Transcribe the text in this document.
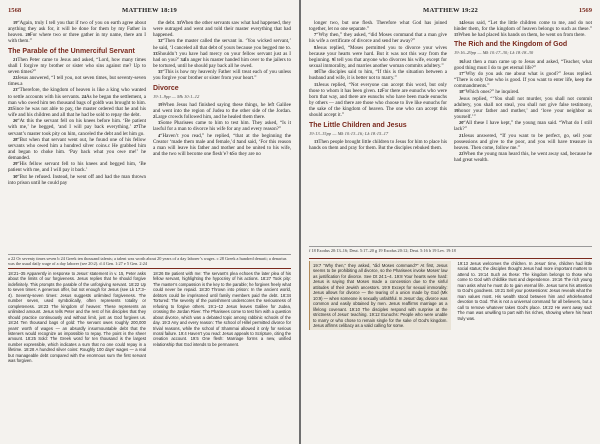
1568	MATTHEW 18:19

19“Again, truly I tell you that if two of you on earth agree about anything they ask for, it will be done for them by my Father in heaven. 20For where two or three gather in my name, there am I with them.”

The Parable of the Unmerciful Servant

21Then Peter came to Jesus and asked, “Lord, how many times shall I forgive my brother or sister who sins against me? Up to seven times?”

22Jesus answered, “I tell you, not seven times, but seventy-seven times.a

23“Therefore, the kingdom of heaven is like a king who wanted to settle accounts with his servants. 24As he began the settlement, a man who owed him ten thousand bags of goldb was brought to him. 25Since he was not able to pay, the master ordered that he and his wife and his children and all that he had be sold to repay the debt.

26“At this the servant fell on his knees before him. ‘Be patient with me,’ he begged, ‘and I will pay back everything.’ 27The servant’s master took pity on him, canceled the debt and let him go.

28“But when that servant went out, he found one of his fellow servants who owed him a hundred silver coins.c He grabbed him and began to choke him. ‘Pay back what you owe me!’ he demanded.

29“His fellow servant fell to his knees and begged him, ‘Be patient with me, and I will pay it back.’

30“But he refused. Instead, he went off and had the man thrown into prison until he could pay

the debt. 31When the other servants saw what had happened, they were outraged and went and told their master everything that had happened.

32“Then the master called the servant in. ‘You wicked servant,’ he said, ‘I canceled all that debt of yours because you begged me to. 33Shouldn’t you have had mercy on your fellow servant just as I had on you?’ 34In anger his master handed him over to the jailers to be tortured, until he should pay back all he owed.

35“This is how my heavenly Father will treat each of you unless you forgive your brother or sister from your heart.”

Divorce
19:1–9pp — Mk 10:1–12

19When Jesus had finished saying these things, he left Galilee and went into the region of Judea to the other side of the Jordan. 2Large crowds followed him, and he healed them there.

3Some Pharisees came to him to test him. They asked, “Is it lawful for a man to divorce his wife for any and every reason?”

4“Haven’t you read,” he replied, “that at the beginning the Creator ‘made them male and female,’d 5and said, ‘For this reason a man will leave his father and mother and be united to his wife, and the two will become one flesh’e? 6So they are no

a 22 Or seventy times seven b 24 Greek ten thousand talents; a talent was worth about 20 years of a day laborer’s wages. c 28 Greek a hundred denarii; a denarius was the usual daily wage of a day laborer (see 20:2). d 4 Gen. 1:27 e 5 Gen. 2:24
18:21–35 Apparently in response to Jesus’ statement in v. 15, Peter asks about the limits of our forgiveness. Jesus replies that he should forgive indefinitely. This prompts the parable of the unforgiving servant. 18:22 Up to seven times: A generous offer, but not enough for Jesus (see Lk 17:3–4). Seventy-seven times: Jesus suggests unlimited forgiveness. The number seven, used symbolically, often represents totality or completeness. 18:23 The kingdom of heaven: These represents an unlimited amount. Jesus tells Peter and the rest of his disciples that they should practice continuously and without limit, just as God forgives us. 18:24 Ten thousand bags of gold: The servant owes roughly 200,000 years’ worth of wages — an absurdly insurmountable debt that the listeners would recognize as impossible to repay. The point is the sheer amount. 18:25 Sold: The Greek word for ten thousand is the largest number expressible, which indicates a sum that no one could repay in a lifetime. 18:28 A hundred silver coins: Roughly 100 days’ wages — a real but manageable debt compared with the enormous sum the first servant was forgiven.
18:26 Be patient with me: The servant’s plea echoes the later plea of his fellow servant, highlighting the hypocrisy of his actions. 18:27 Took pity: The master’s compassion is the key to the parable; he forgives freely what could never be repaid. 18:30 Thrown into prison: In the ancient world, debtors could be imprisoned until family members paid the debt. 18:34 Tortured: The severity of the punishment underscores the seriousness of refusing to forgive others. 19:1–12 Jesus leaves Galilee for Judea, crossing the Jordan River. The Pharisees come to test him with a question about divorce, which was a debated topic among rabbinic schools of the day. 19:3 Any and every reason: The school of Hillel permitted divorce for trivial reasons, while the school of Shammai allowed it only for serious moral failure. 19:4 Haven’t you read: Jesus appeals to Scripture, citing the creation account. 19:5 One flesh: Marriage forms a new, unified relationship that God intends to be permanent.
MATTHEW 19:22	1569

longer two, but one flesh. Therefore what God has joined together, let no one separate.”

7“Why then,” they asked, “did Moses command that a man give his wife a certificate of divorce and send her away?”

8Jesus replied, “Moses permitted you to divorce your wives because your hearts were hard. But it was not this way from the beginning. 9I tell you that anyone who divorces his wife, except for sexual immorality, and marries another woman commits adultery.”

10The disciples said to him, “If this is the situation between a husband and wife, it is better not to marry.”

11Jesus replied, “Not everyone can accept this word, but only those to whom it has been given. 12For there are eunuchs who were born that way, and there are eunuchs who have been made eunuchs by others — and there are those who choose to live like eunuchs for the sake of the kingdom of heaven. The one who can accept this should accept it.”

The Little Children and Jesus
19:13–15pp — Mk 10:13–16; Lk 18:15–17

13Then people brought little children to Jesus for him to place his hands on them and pray for them. But the disciples rebuked them.

14Jesus said, “Let the little children come to me, and do not hinder them, for the kingdom of heaven belongs to such as these.” 15When he had placed his hands on them, he went on from there.

The Rich and the Kingdom of God
19:16–29pp — Mk 10:17–30; Lk 18:18–30

16Just then a man came up to Jesus and asked, “Teacher, what good thing must I do to get eternal life?”

17“Why do you ask me about what is good?” Jesus replied. “There is only One who is good. If you want to enter life, keep the commandments.”

18“Which ones?” he inquired.

Jesus replied, “‘You shall not murder, you shall not commit adultery, you shall not steal, you shall not give false testimony, 19honor your father and mother,’ and ‘love your neighbor as yourself.’”

20“All these I have kept,” the young man said. “What do I still lack?”

21Jesus answered, “If you want to be perfect, go, sell your possessions and give to the poor, and you will have treasure in heaven. Then come, follow me.”

22When the young man heard this, he went away sad, because he had great wealth.

f 18 Exodus 20:13–16; Deut. 5:17–20 g 19 Exodus 20:12; Deut. 5:16 h 19 Lev. 19:18
19:7 “Why then,” they asked, “did Moses command?” At first, Jesus seems to be prohibiting all divorce, so the Pharisees invoke Moses’ law as justification for divorce. See Dt 24:1–4. 19:8 Your hearts were hard: Jesus is saying that Moses made a concession due to the sinful attitudes of their Jewish ancestors. 19:9 Except for sexual immorality: Jesus allows for divorce — the tearing of a union made by God (Mk 10:9) — when someone is sexually unfaithful. In Jesus’ day, divorce was common and easily obtained by men. Jesus reaffirms marriage as a lifelong covenant. 19:10 The disciples respond with surprise at the strictness of Jesus’ teaching. 19:12 Eunuchs: People who were unable to marry or who chose to remain single for the sake of God’s kingdom. Jesus affirms celibacy as a valid calling for some.
19:13 Jesus welcomes the children. In Jesus’ time, children had little social status; the disciples thought Jesus had more important matters to attend to. 19:14 Such as these: The kingdom belongs to those who come to God with childlike trust and dependence. 19:16 The rich young man asks what he must do to gain eternal life. Jesus turns his attention to God’s goodness. 19:21 Sell your possessions: Jesus reveals what the man values most. His wealth stood between him and wholehearted devotion to God. This is not a universal command for all believers, but a call to remove whatever takes God’s place. 19:22 He went away sad: The man was unwilling to part with his riches, showing where his heart truly was.
